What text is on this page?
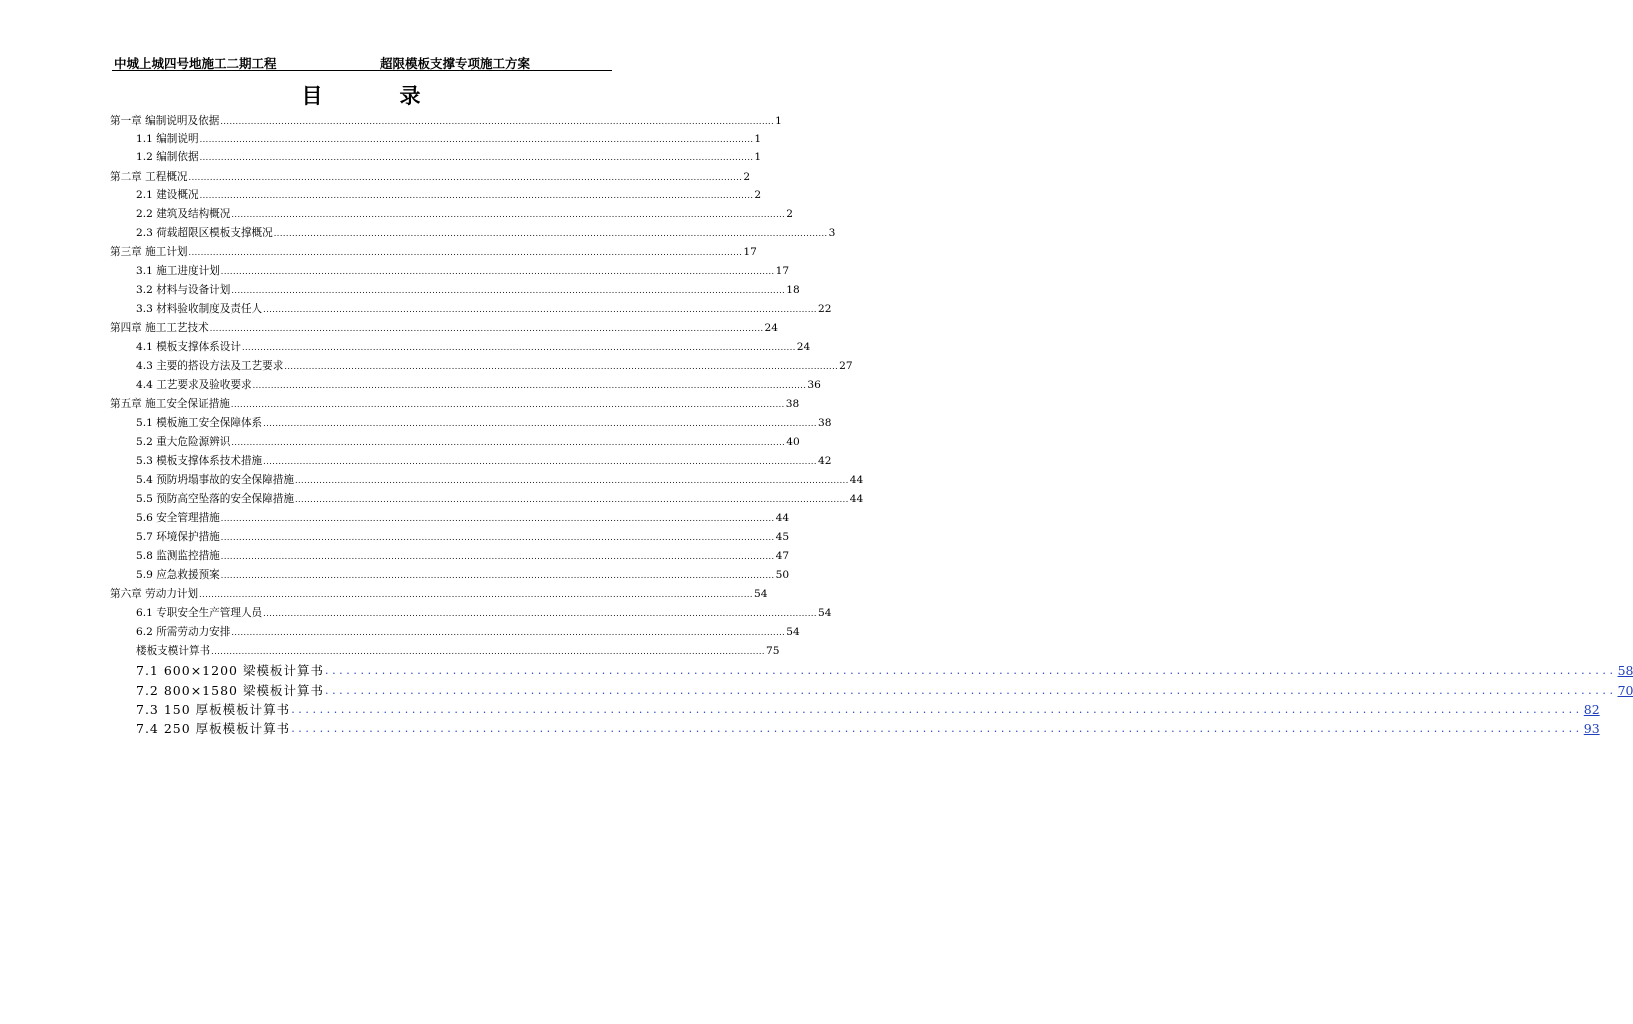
中城上城四号地施工二期工程	超限模板支撑专项施工方案
目　录
第一章 编制说明及依据 ...................................................................................................................................................................................... 1
1.1 编制说明 ...................................................................................................................................................................................... 1
1.2 编制依据 ...................................................................................................................................................................................... 1
第二章 工程概况 ...................................................................................................................................................................................... 2
2.1 建设概况 ...................................................................................................................................................................................... 2
2.2 建筑及结构概况 ...................................................................................................................................................................................... 2
2.3 荷载超限区模板支撑概况 ...................................................................................................................................................................................... 3
第三章 施工计划 ...................................................................................................................................................................................... 17
3.1 施工进度计划 ...................................................................................................................................................................................... 17
3.2 材料与设备计划 ...................................................................................................................................................................................... 18
3.3 材料验收制度及责任人 ...................................................................................................................................................................................... 22
第四章 施工工艺技术 ...................................................................................................................................................................................... 24
4.1 模板支撑体系设计 ...................................................................................................................................................................................... 24
4.3 主要的搭设方法及工艺要求 ...................................................................................................................................................................................... 27
4.4 工艺要求及验收要求 ...................................................................................................................................................................................... 36
第五章 施工安全保证措施 ...................................................................................................................................................................................... 38
5.1 模板施工安全保障体系 ...................................................................................................................................................................................... 38
5.2 重大危险源辨识 ...................................................................................................................................................................................... 40
5.3 模板支撑体系技术措施 ...................................................................................................................................................................................... 42
5.4 预防坍塌事故的安全保障措施 ...................................................................................................................................................................................... 44
5.5 预防高空坠落的安全保障措施 ...................................................................................................................................................................................... 44
5.6 安全管理措施 ...................................................................................................................................................................................... 44
5.7 环境保护措施 ...................................................................................................................................................................................... 45
5.8 监测监控措施 ...................................................................................................................................................................................... 47
5.9 应急救援预案 ...................................................................................................................................................................................... 50
第六章 劳动力计划 ...................................................................................................................................................................................... 54
6.1 专职安全生产管理人员 ...................................................................................................................................................................................... 54
6.2 所需劳动力安排 ...................................................................................................................................................................................... 54
楼板支模计算书 ...................................................................................................................................................................................... 75
7.1 600×1200 梁模板计算书 ...................................................................................................................................................................................... 58
7.2 800×1580 梁模板计算书 ...................................................................................................................................................................................... 70
7.3 150 厚板模板计算书 ...................................................................................................................................................................................... 82
7.4 250 厚板模板计算书 ...................................................................................................................................................................................... 93
